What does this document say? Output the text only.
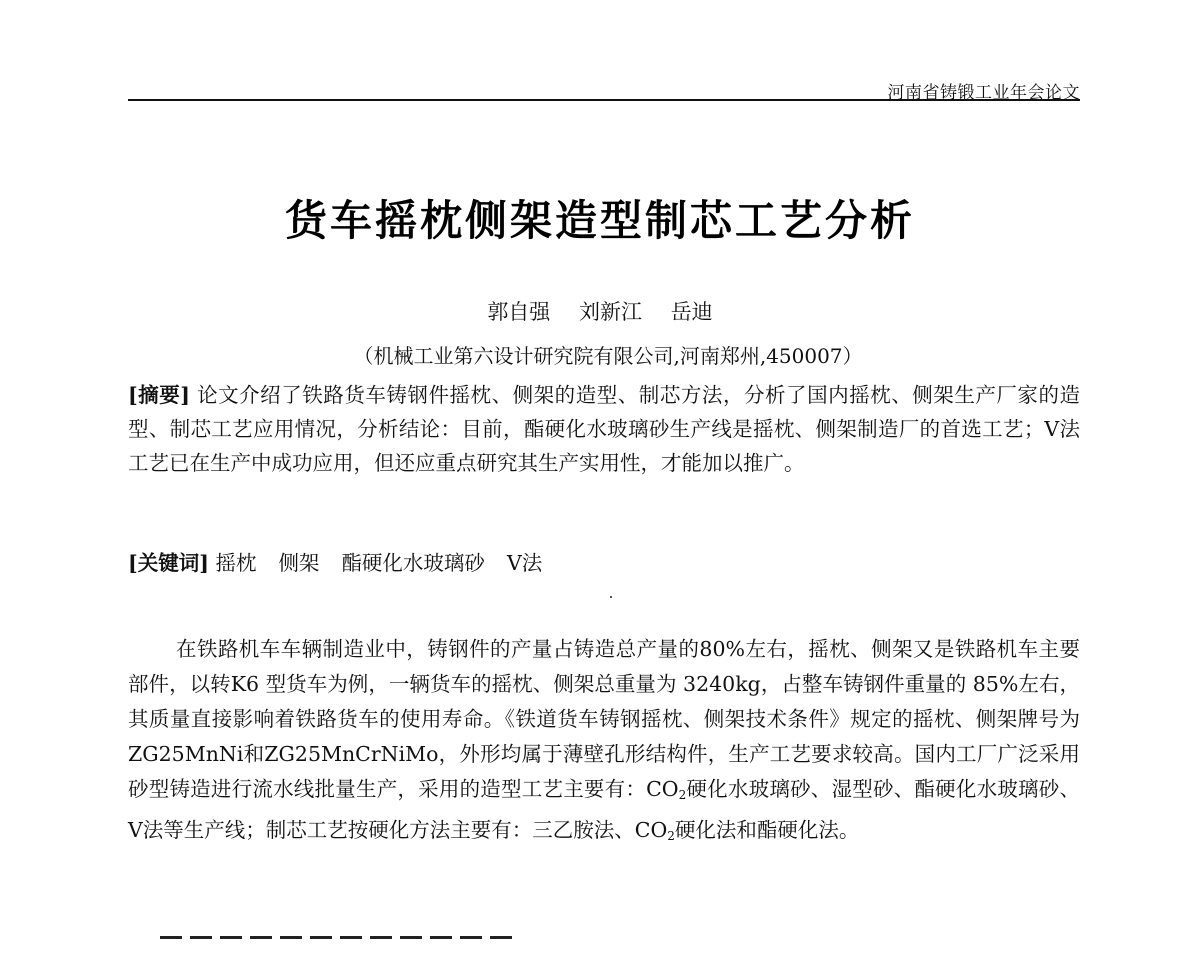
河南省铸锻工业年会论文
货车摇枕侧架造型制芯工艺分析
郭自强 刘新江 岳迪
（机械工业第六设计研究院有限公司,河南郑州,450007）
[摘要] 论文介绍了铁路货车铸钢件摇枕、侧架的造型、制芯方法，分析了国内摇枕、侧架生产厂家的造型、制芯工艺应用情况，分析结论：目前，酯硬化水玻璃砂生产线是摇枕、侧架制造厂的首选工艺；V法工艺已在生产中成功应用，但还应重点研究其生产实用性，才能加以推广。
[关键词] 摇枕 侧架 酯硬化水玻璃砂 V法
在铁路机车车辆制造业中，铸钢件的产量占铸造总产量的80%左右，摇枕、侧架又是铁路机车主要部件，以转K6 型货车为例，一辆货车的摇枕、侧架总重量为 3240kg，占整车铸钢件重量的 85%左右，其质量直接影响着铁路货车的使用寿命。《铁道货车铸钢摇枕、侧架技术条件》规定的摇枕、侧架牌号为ZG25MnNi和ZG25MnCrNiMo，外形均属于薄壁孔形结构件，生产工艺要求较高。国内工厂广泛采用砂型铸造进行流水线批量生产，采用的造型工艺主要有：$CO_2$硬化水玻璃砂、湿型砂、酯硬化水玻璃砂、V法等生产线；制芯工艺按硬化方法主要有：三乙胺法、$CO_2$硬化法和酯硬化法。
